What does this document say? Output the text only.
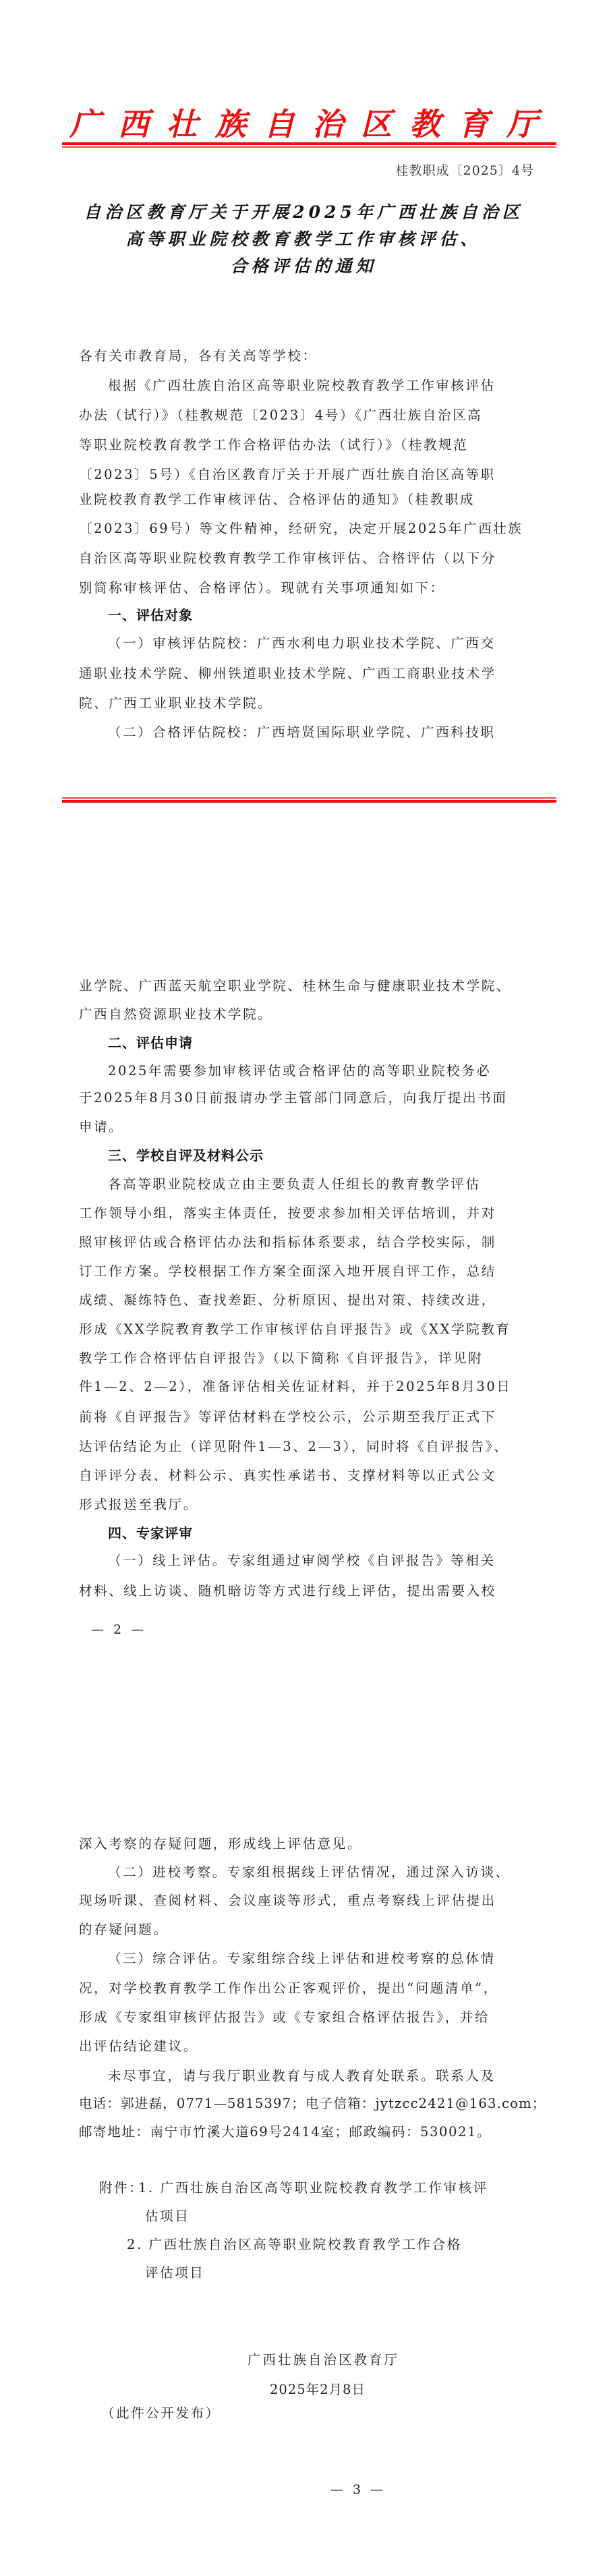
广西壮族自治区教育厅
桂教职成〔2025〕4号
自治区教育厅关于开展2025年广西壮族自治区
高等职业院校教育教学工作审核评估、
合格评估的通知
各有关市教育局，各有关高等学校：
根据《广西壮族自治区高等职业院校教育教学工作审核评估
办法（试行）》（桂教规范〔2023〕4号）《广西壮族自治区高
等职业院校教育教学工作合格评估办法（试行）》（桂教规范
〔2023〕5号）《自治区教育厅关于开展广西壮族自治区高等职
业院校教育教学工作审核评估、合格评估的通知》（桂教职成
〔2023〕69号）等文件精神，经研究，决定开展2025年广西壮族
自治区高等职业院校教育教学工作审核评估、合格评估（以下分
别简称审核评估、合格评估）。现就有关事项通知如下：
一、评估对象
（一）审核评估院校：广西水利电力职业技术学院、广西交
通职业技术学院、柳州铁道职业技术学院、广西工商职业技术学
院、广西工业职业技术学院。
（二）合格评估院校：广西培贤国际职业学院、广西科技职
业学院、广西蓝天航空职业学院、桂林生命与健康职业技术学院、
广西自然资源职业技术学院。
二、评估申请
2025年需要参加审核评估或合格评估的高等职业院校务必
于2025年8月30日前报请办学主管部门同意后，向我厅提出书面
申请。
三、学校自评及材料公示
各高等职业院校成立由主要负责人任组长的教育教学评估
工作领导小组，落实主体责任，按要求参加相关评估培训，并对
照审核评估或合格评估办法和指标体系要求，结合学校实际，制
订工作方案。学校根据工作方案全面深入地开展自评工作，总结
成绩、凝练特色、查找差距、分析原因、提出对策、持续改进，
形成《XX学院教育教学工作审核评估自评报告》或《XX学院教育
教学工作合格评估自评报告》（以下简称《自评报告》，详见附
件1—2、2—2），准备评估相关佐证材料，并于2025年8月30日
前将《自评报告》等评估材料在学校公示，公示期至我厅正式下
达评估结论为止（详见附件1—3、2—3），同时将《自评报告》、
自评评分表、材料公示、真实性承诺书、支撑材料等以正式公文
形式报送至我厅。
四、专家评审
（一）线上评估。专家组通过审阅学校《自评报告》等相关
材料、线上访谈、随机暗访等方式进行线上评估，提出需要入校
— 2 —
深入考察的存疑问题，形成线上评估意见。
（二）进校考察。专家组根据线上评估情况，通过深入访谈、
现场听课、查阅材料、会议座谈等形式，重点考察线上评估提出
的存疑问题。
（三）综合评估。专家组综合线上评估和进校考察的总体情
况，对学校教育教学工作作出公正客观评价，提出“问题清单”，
形成《专家组审核评估报告》或《专家组合格评估报告》，并给
出评估结论建议。
未尽事宜，请与我厅职业教育与成人教育处联系。联系人及
电话：郭进磊，0771—5815397；电子信箱：jytzcc2421@163.com；
邮寄地址：南宁市竹溪大道69号2414室；邮政编码：530021。
附件：
1. 广西壮族自治区高等职业院校教育教学工作审核评
估项目
2. 广西壮族自治区高等职业院校教育教学工作合格
评估项目
广西壮族自治区教育厅
2025年2月8日
（此件公开发布）
— 3 —
